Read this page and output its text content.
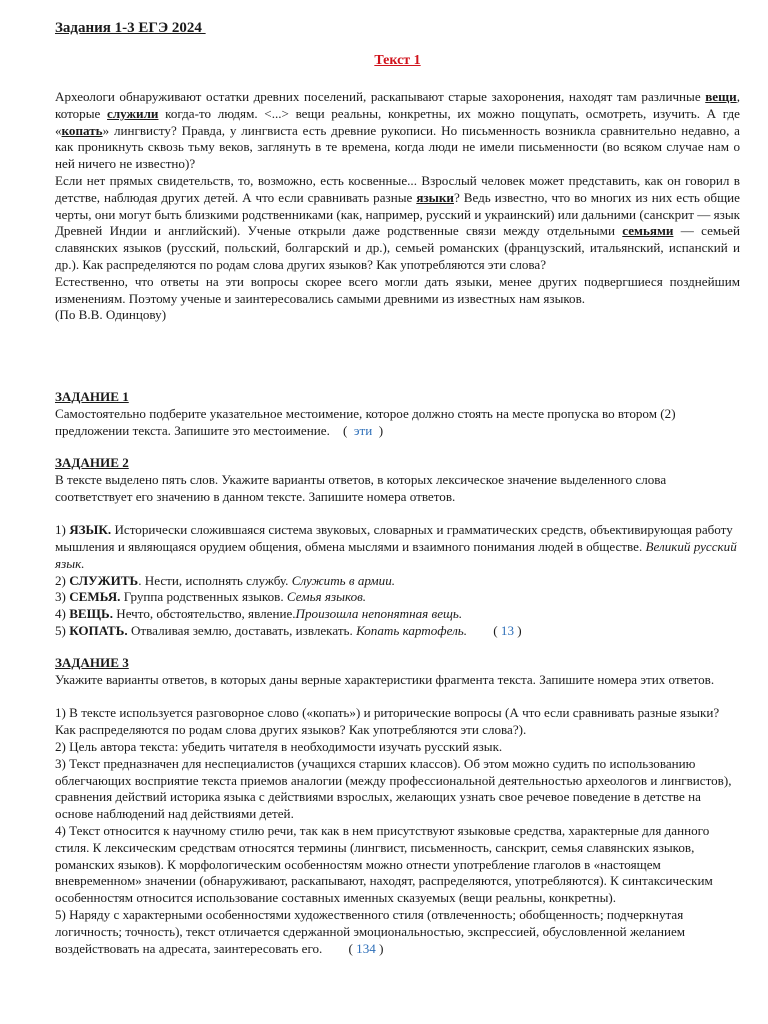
Задания 1-3 ЕГЭ 2024
Текст 1

Археологи обнаруживают остатки древних поселений, раскапывают старые захоронения, находят там различные вещи, которые служили когда-то людям. <...> вещи реальны, конкретны, их можно пощупать, осмотреть, изучить. А где «копать» лингвисту? Правда, у лингвиста есть древние рукописи. Но письменность возникла сравнительно недавно, а как проникнуть сквозь тьму веков, заглянуть в те времена, когда люди не имели письменности (во всяком случае нам о ней ничего не известно)?

Если нет прямых свидетельств, то, возможно, есть косвенные... Взрослый человек может представить, как он говорил в детстве, наблюдая других детей. А что если сравнивать разные языки? Ведь известно, что во многих из них есть общие черты, они могут быть близкими родственниками (как, например, русский и украинский) или дальними (санскрит — язык Древней Индии и английский). Ученые открыли даже родственные связи между отдельными семьями — семьей славянских языков (русский, польский, болгарский и др.), семьей романских (французский, итальянский, испанский и др.). Как распределяются по родам слова других языков? Как употребляются эти слова?

Естественно, что ответы на эти вопросы скорее всего могли дать языки, менее других подвергшиеся позднейшим изменениям. Поэтому ученые и заинтересовались самыми древними из известных нам языков.

(По В.В. Одинцову)

ЗАДАНИЕ 1
Самостоятельно подберите указательное местоимение, которое должно стоять на месте пропуска во втором (2) предложении текста. Запишите это местоимение. ( эти )
ЗАДАНИЕ 2
В тексте выделено пять слов. Укажите варианты ответов, в которых лексическое значение выделенного слова соответствует его значению в данном тексте. Запишите номера ответов.
1) ЯЗЫК. Исторически сложившаяся система звуковых, словарных и грамматических средств, объективирующая работу мышления и являющаяся орудием общения, обмена мыслями и взаимного понимания людей в обществе. Великий русский язык.
2) СЛУЖИТЬ. Нести, исполнять службу. Служить в армии.
3) СЕМЬЯ. Группа родственных языков. Семья языков.
4) ВЕЩЬ. Нечто, обстоятельство, явление.Произошла непонятная вещь.
5) КОПАТЬ. Отваливая землю, доставать, извлекать. Копать картофель. ( 13 )
ЗАДАНИЕ 3
Укажите варианты ответов, в которых даны верные характеристики фрагмента текста. Запишите номера этих ответов.
1) В тексте используется разговорное слово («копать») и риторические вопросы (А что если сравнивать разные языки? Как распределяются по родам слова других языков? Как употребляются эти слова?).
2) Цель автора текста: убедить читателя в необходимости изучать русский язык.
3) Текст предназначен для неспециалистов (учащихся старших классов). Об этом можно судить по использованию облегчающих восприятие текста приемов аналогии (между профессиональной деятельностью археологов и лингвистов), сравнения действий историка языка с действиями взрослых, желающих узнать свое речевое поведение в детстве на основе наблюдений над действиями детей.
4) Текст относится к научному стилю речи, так как в нем присутствуют языковые средства, характерные для данного стиля. К лексическим средствам относятся термины (лингвист, письменность, санскрит, семья славянских языков, романских языков). К морфологическим особенностям можно отнести употребление глаголов в «настоящем вневременном» значении (обнаруживают, раскапывают, находят, распределяются, употребляются). К синтаксическим особенностям относится использование составных именных сказуемых (вещи реальны, конкретны).
5) Наряду с характерными особенностями художественного стиля (отвлеченность; обобщенность; подчеркнутая логичность; точность), текст отличается сдержанной эмоциональностью, экспрессией, обусловленной желанием воздействовать на адресата, заинтересовать его. ( 134 )
